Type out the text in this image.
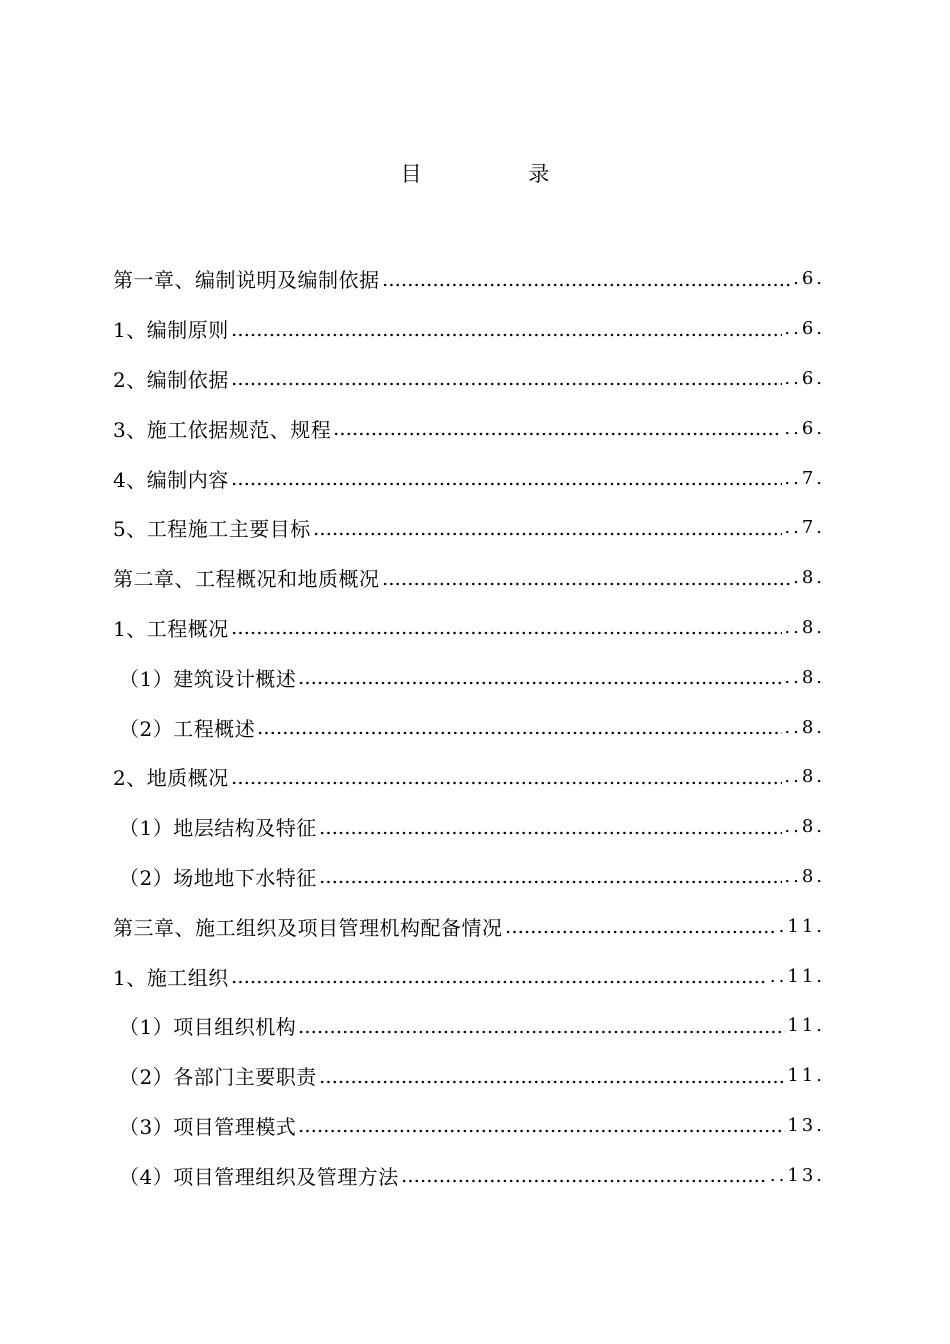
目	录
第一章、编制说明及编制依据	.6.
1、编制原则	..6.
2、编制依据	..6.
3、施工依据规范、规程	..6.
4、编制内容	..7.
5、工程施工主要目标	..7.
第二章、工程概况和地质概况	.8.
1、工程概况	..8.
（1）建筑设计概述	..8.
（2）工程概述	..8.
2、地质概况	..8.
（1）地层结构及特征	..8.
（2）场地地下水特征	..8.
第三章、施工组织及项目管理机构配备情况	.11.
1、施工组织	..11.
（1）项目组织机构	11.
（2）各部门主要职责	11.
（3）项目管理模式	13.
（4）项目管理组织及管理方法	..13.
